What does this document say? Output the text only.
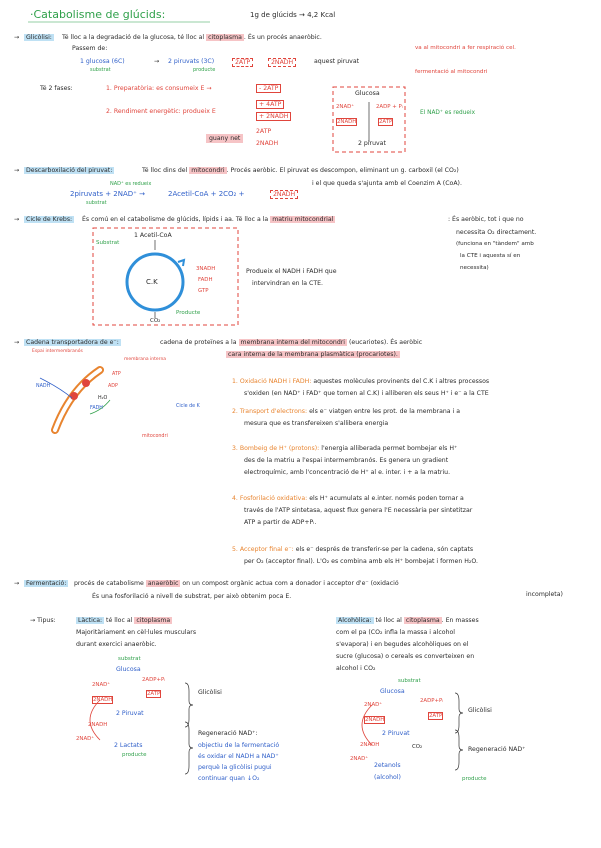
·Catabolisme de glúcids:	1g de glúcids → 4,2 Kcal
→	Glicòlisi:	Té lloc a la degradació de la glucosa, té lloc al citoplasma . És un procés anaeròbic.
Passem de:
1 glucosa (6C)
substrat
→ 2 piruvats (3C)
producte
2ATP	2NADH	aquest piruvat
va al mitocondri a fer respiració cel.
fermentació al mitocondri
Té 2 fases:	1. Preparatòria: es consumeix E →	- 2ATP
2. Rendiment energètic: produeix E
+ 4ATP
+ 2NADH
guany net
2ATP
2NADH
Glucosa
2NAD⁺
2NADH
2ADP + Pᵢ
2ATP
2 piruvat
El NAD⁺ es redueix
→	Descarboxilació del piruvat:	Té lloc dins del mitocondri . Procés aeròbic. El piruvat es descompon, eliminant un g. carboxil (el CO₂)
i el que queda s'ajunta amb el Coenzim A (CoA).
NAD⁺ es redueix
2piruvats + 2NAD⁺ →	2Acetil-CoA + 2CO₂ +	2NADH
substrat
→	Cicle de Krebs:	És comú en el catabolisme de glúcids, lípids i aa. Té lloc a la matriu mitocondrial	: És aeròbic, tot i que no
necessita O₂ directament.
(funciona en "tàndem" amb
la CTE i aquesta sí en
necessita)
1 Acetil-CoA
Substrat
C.K
3NADH
FADH
GTP
CO₂
Producte
Produeix el NADH i FADH que
intervindran en la CTE.
→	Cadena transportadora de e⁻:	cadena de proteïnes a la membrana interna del mitocondri (eucariotes). És aeròbic
cara interna de la membrana plasmàtica (procariotes).
Espai intermembranós
membrana interna
NADH
FADH
ATP
ADP
H₂O
Cicle de K
mitocondri
1. Oxidació NADH i FADH: aquestes molècules provinents del C.K i altres processos
s'oxiden (en NAD⁺ i FAD⁺ que tornen al C.K) i alliberen els seus H⁺ i e⁻ a la CTE
2. Transport d'electrons: els e⁻ viatgen entre les prot. de la membrana i a
mesura que es transfereixen s'allibera energia
3. Bombeig de H⁺ (protons): l'energia alliberada permet bombejar els H⁺
des de la matriu a l'espai intermembranós. Es genera un gradient
electroquímic, amb l'concentració de H⁺ al e. inter. i + a la matriu.
4. Fosforilació oxidativa: els H⁺ acumulats al e.inter. només poden tornar a
través de l'ATP sintetasa, aquest flux genera l'E necessària per sintetitzar
ATP a partir de ADP+Pᵢ.
5. Acceptor final e⁻: els e⁻ després de transferir-se per la cadena, són captats
per O₂ (acceptor final). L'O₂ es combina amb els H⁺ bombejat i formen H₂O.
→	Fermentació:	procés de catabolisme anaeròbic on un compost orgànic actua com a donador i acceptor d'e⁻ (oxidació
És una fosforilació a nivell de substrat, per això obtenim poca E.	incompleta)
→ Tipus:	Làctica: té lloc al citoplasma
Majoritàriament en cèl·lules musculars
durant exercici anaeròbic.
Alcohòlica: té lloc al citoplasma . En masses
com el pa (CO₂ infla la massa i alcohol
s'evapora) i en begudes alcohòliques on el
sucre (glucosa) o cereals es converteixen en
alcohol i CO₂
substrat
Glucosa
2NAD⁺
2ADP+Pᵢ
2NADH
2ATP
2 Piruvat
2NADH
2NAD⁺
2 Lactats
producte
Glicòlisi
Regeneració NAD⁺:
objectiu de la fermentació
és oxidar el NADH a NAD⁺
perquè la glicòlisi pugui
continuar quan ↓O₂
substrat
Glucosa
2NAD⁺
2ADP+Pᵢ
2NADH
2ATP
2 Piruvat
2NADH	CO₂
2NAD⁺
2etanols
(alcohol)	producte
Glicòlisi
Regeneració NAD⁺
